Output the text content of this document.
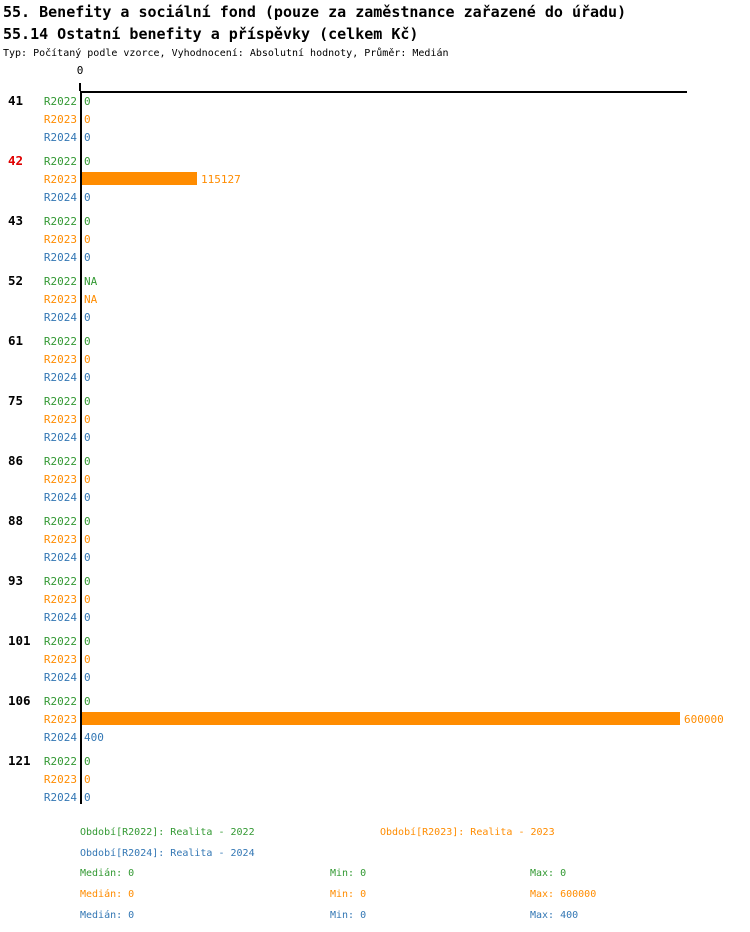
55. Benefity a sociální fond (pouze za zaměstnance zařazené do úřadu)
55.14 Ostatní benefity a příspěvky (celkem Kč)
Typ: Počítaný podle vzorce, Vyhodnocení: Absolutní hodnoty, Průměr: Medián
0
41	R2022 0
R2023 0
R2024 0
42	R2022 0
R2023	115127
R2024 0
43	R2022 0
R2023 0
R2024 0
52	R2022 NA
R2023 NA
R2024 0
61	R2022 0
R2023 0
R2024 0
75	R2022 0
R2023 0
R2024 0
86	R2022 0
R2023 0
R2024 0
88	R2022 0
R2023 0
R2024 0
93	R2022 0
R2023 0
R2024 0
101	R2022 0
R2023 0
R2024 0
106	R2022 0
R2023	600000
R2024 400
121	R2022 0
R2023 0
R2024 0
Období[R2022]: Realita - 2022	Období[R2023]: Realita - 2023
Období[R2024]: Realita - 2024
Medián: 0	Min: 0	Max: 0
Medián: 0	Min: 0	Max: 600000
Medián: 0	Min: 0	Max: 400
